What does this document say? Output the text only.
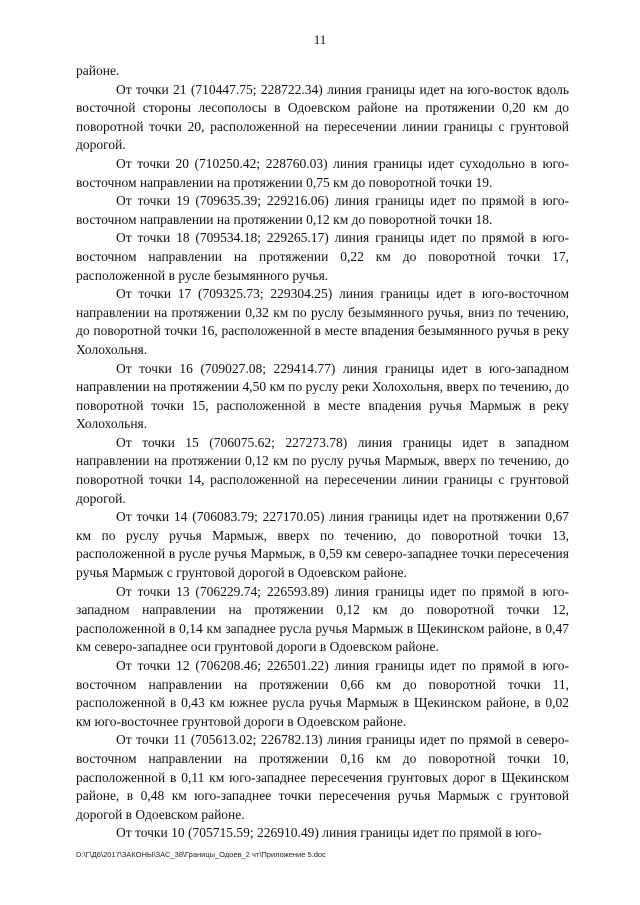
11

районе.

От точки 21 (710447.75; 228722.34) линия границы идет на юго-восток вдоль восточной стороны лесополосы в Одоевском районе на протяжении 0,20 км до поворотной точки 20, расположенной на пересечении линии границы с грунтовой дорогой.

От точки 20 (710250.42; 228760.03) линия границы идет суходольно в юго-восточном направлении на протяжении 0,75 км до поворотной точки 19.

От точки 19 (709635.39; 229216.06) линия границы идет по прямой в юго-восточном направлении на протяжении 0,12 км до поворотной точки 18.

От точки 18 (709534.18; 229265.17) линия границы идет по прямой в юго-восточном направлении на протяжении 0,22 км до поворотной точки 17, расположенной в русле безымянного ручья.

От точки 17 (709325.73; 229304.25) линия границы идет в юго-восточном направлении на протяжении 0,32 км по руслу безымянного ручья, вниз по течению, до поворотной точки 16, расположенной в месте впадения безымянного ручья в реку Холохольня.

От точки 16 (709027.08; 229414.77) линия границы идет в юго-западном направлении на протяжении 4,50 км по руслу реки Холохольня, вверх по течению, до поворотной точки 15, расположенной в месте впадения ручья Мармыж в реку Холохольня.

От точки 15 (706075.62; 227273.78) линия границы идет в западном направлении на протяжении 0,12 км по руслу ручья Мармыж, вверх по течению, до поворотной точки 14, расположенной на пересечении линии границы с грунтовой дорогой.

От точки 14 (706083.79; 227170.05) линия границы идет на протяжении 0,67 км по руслу ручья Мармыж, вверх по течению, до поворотной точки 13, расположенной в русле ручья Мармыж, в 0,59 км северо-западнее точки пересечения ручья Мармыж с грунтовой дорогой в Одоевском районе.

От точки 13 (706229.74; 226593.89) линия границы идет по прямой в юго-западном направлении на протяжении 0,12 км до поворотной точки 12, расположенной в 0,14 км западнее русла ручья Мармыж в Щекинском районе, в 0,47 км северо-западнее оси грунтовой дороги в Одоевском районе.

От точки 12 (706208.46; 226501.22) линия границы идет по прямой в юго-восточном направлении на протяжении 0,66 км до поворотной точки 11, расположенной в 0,43 км южнее русла ручья Мармыж в Щекинском районе, в 0,02 км юго-восточнее грунтовой дороги в Одоевском районе.

От точки 11 (705613.02; 226782.13) линия границы идет по прямой в северо-восточном направлении на протяжении 0,16 км до поворотной точки 10, расположенной в 0,11 км юго-западнее пересечения грунтовых дорог в Щекинском районе, в 0,48 км юго-западнее точки пересечения ручья Мармыж с грунтовой дорогой в Одоевском районе.

От точки 10 (705715.59; 226910.49) линия границы идет по прямой в юго-

D:\Г\Д6\2017\ЗАКОНЫ\ЗАС_38\Границы_Одоев_2 чт\Приложение 5.doc
